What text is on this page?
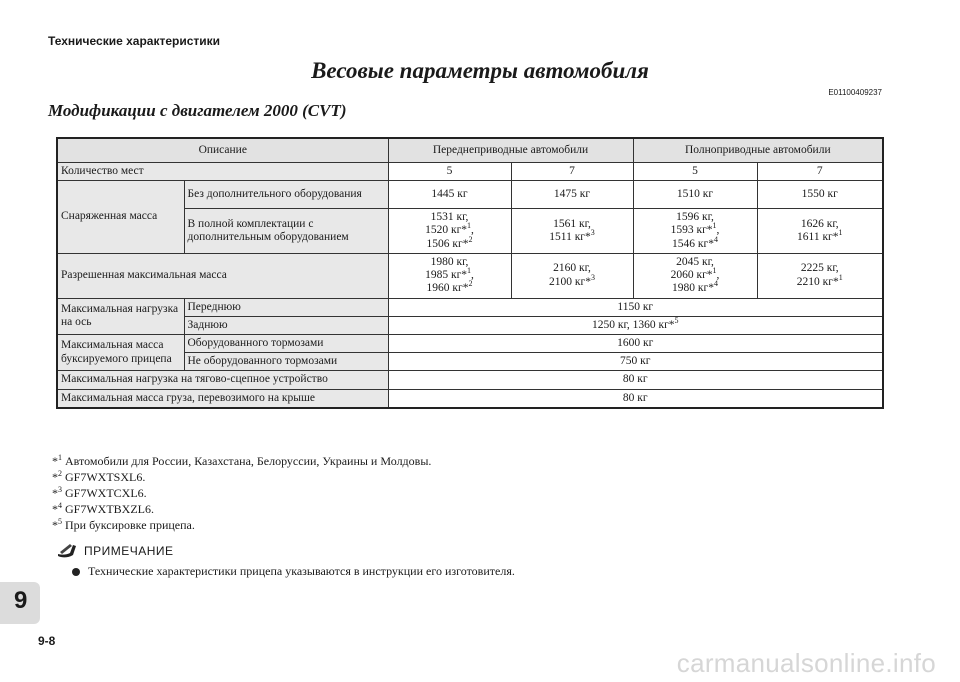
Технические характеристики
Весовые параметры автомобиля
E01100409237
Модификации с двигателем 2000 (CVT)
Описание		Переднеприводные автомобили		Полноприводные автомобили	
Количество мест		5	7	5	7
Снаряженная масса	Без дополнительного оборудования	1445 кг	1475 кг	1510 кг	1550 кг
	В полной комплектации с дополнительным оборудованием	1531 кг,
1520 кг*$^1$,
1506 кг*$^2$	1561 кг,
1511 кг*$^3$	1596 кг,
1593 кг*$^1$,
1546 кг*$^4$	1626 кг,
1611 кг*$^1$
Разрешенная максимальная масса		1980 кг,
1985 кг*$^1$,
1960 кг*$^2$	2160 кг,
2100 кг*$^3$	2045 кг,
2060 кг*$^1$,
1980 кг*$^4$	2225 кг,
2210 кг*$^1$
Максимальная нагрузка на ось	Переднюю	1150 кг			
	Заднюю	1250 кг, 1360 кг*$^5$
Максимальная масса буксируемого прицепа	Оборудованного тормозами	1600 кг			
	Не оборудованного тормозами	750 кг			
Максимальная нагрузка на тягово-сцепное устройство		80 кг			
Максимальная масса груза, перевозимого на крыше		80 кг			
*$^1$ Автомобили для России, Казахстана, Белоруссии, Украины и Молдовы.
*$^2$ GF7WXTSXL6.
*$^3$ GF7WXTCXL6.
*$^4$ GF7WXTBXZL6.
*$^5$ При буксировке прицепа.
ПРИМЕЧАНИЕ
Технические характеристики прицепа указываются в инструкции его изготовителя.
9
9-8
carmanualsonline.info
